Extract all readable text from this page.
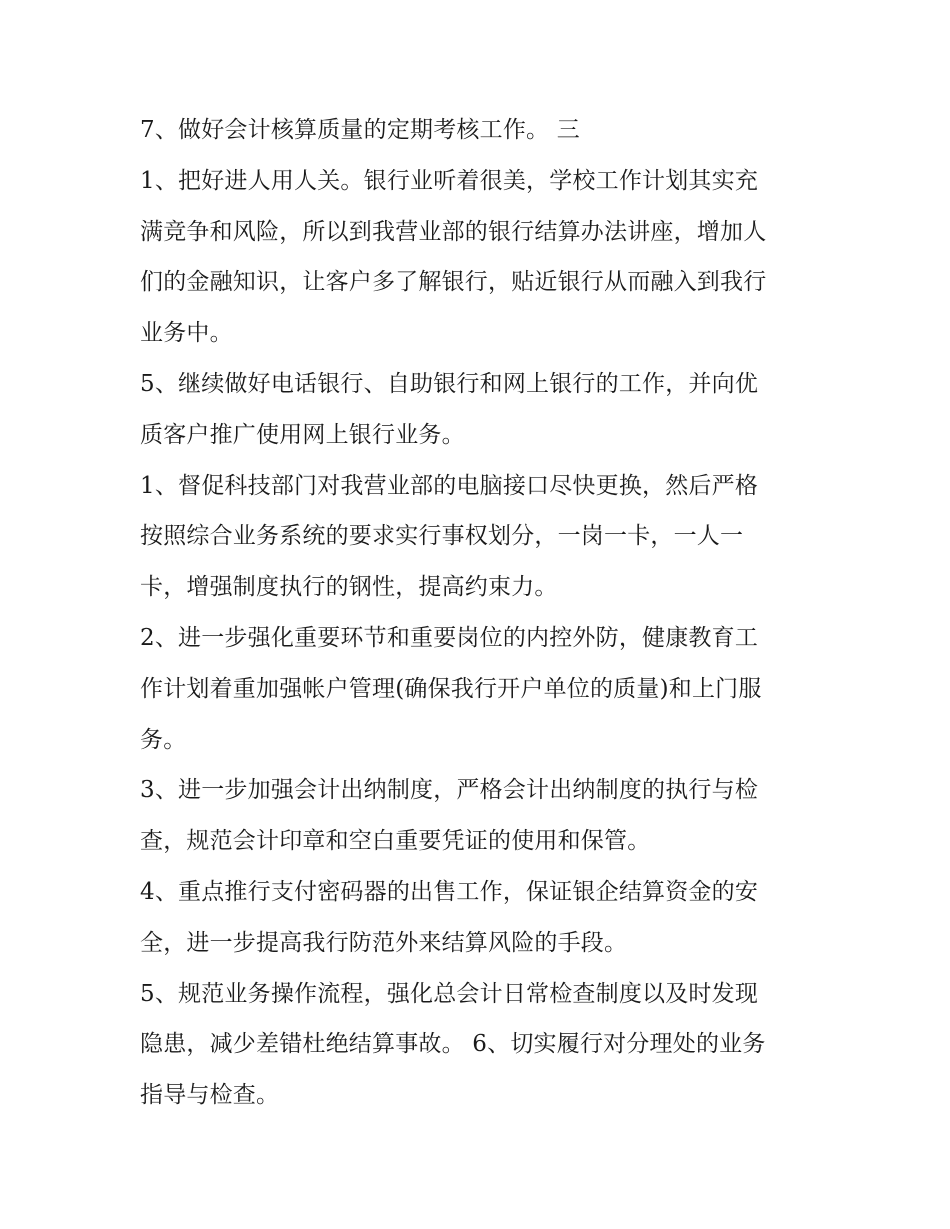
7、做好会计核算质量的定期考核工作。 三
1、把好进人用人关。银行业听着很美，学校工作计划其实充
满竞争和风险，所以到我营业部的银行结算办法讲座，增加人
们的金融知识，让客户多了解银行，贴近银行从而融入到我行
业务中。
5、继续做好电话银行、自助银行和网上银行的工作，并向优
质客户推广使用网上银行业务。
1、督促科技部门对我营业部的电脑接口尽快更换，然后严格
按照综合业务系统的要求实行事权划分，一岗一卡，一人一
卡，增强制度执行的钢性，提高约束力。
2、进一步强化重要环节和重要岗位的内控外防，健康教育工
作计划着重加强帐户管理(确保我行开户单位的质量)和上门服
务。
3、进一步加强会计出纳制度，严格会计出纳制度的执行与检
查，规范会计印章和空白重要凭证的使用和保管。
4、重点推行支付密码器的出售工作，保证银企结算资金的安
全，进一步提高我行防范外来结算风险的手段。
5、规范业务操作流程，强化总会计日常检查制度以及时发现
隐患，减少差错杜绝结算事故。 6、切实履行对分理处的业务
指导与检查。
